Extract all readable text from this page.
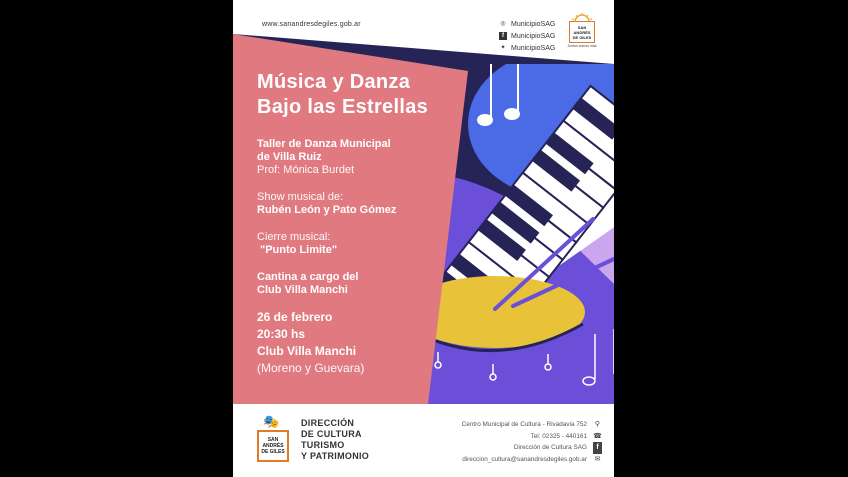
www.sanandresdegiles.gob.ar	◎ MunicipioSAG
f	MunicipioSAG
✦ MunicipioSAG
SAN
ANDRÉS
DE GILES
Juntos somos más
Música y Danza
Bajo las Estrellas
Taller de Danza Municipal
de Villa Ruiz
Prof: Mónica Burdet
Show musical de:
Rubén León y Pato Gómez
Cierre musical:
"Punto Limite"
Cantina a cargo del
Club Villa Manchi
26 de febrero
20:30 hs
Club Villa Manchi
(Moreno y Guevara)
🎭
SAN
ANDRÉS
DE GILES
DIRECCIÓN
DE CULTURA
TURISMO
Y PATRIMONIO
Centro Municipal de Cultura - Rivadavia 752 ⚲
Tel: 02325 - 440161 ☎
Dirección de Cultura SAG f
direccion_cultura@sanandresdegiles.gob.ar ✉
